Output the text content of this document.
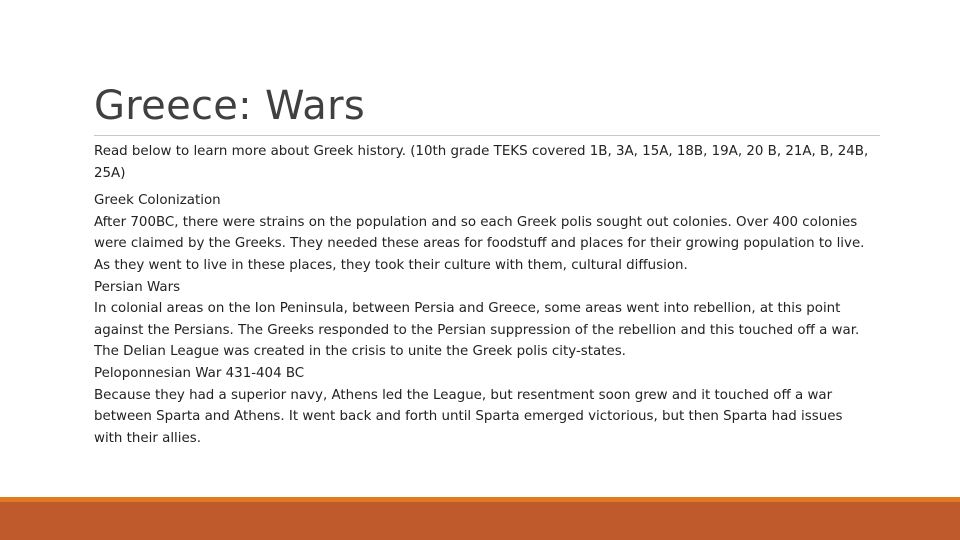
Greece: Wars

Read below to learn more about Greek history. (10th grade TEKS covered 1B, 3A, 15A, 18B, 19A, 20 B, 21A, B, 24B, 25A)

Greek Colonization

After 700BC, there were strains on the population and so each Greek polis sought out colonies. Over 400 colonies were claimed by the Greeks. They needed these areas for foodstuff and places for their growing population to live. As they went to live in these places, they took their culture with them, cultural diffusion.

Persian Wars

In colonial areas on the Ion Peninsula, between Persia and Greece, some areas went into rebellion, at this point against the Persians. The Greeks responded to the Persian suppression of the rebellion and this touched off a war. The Delian League was created in the crisis to unite the Greek polis city-states.

Peloponnesian War 431-404 BC

Because they had a superior navy, Athens led the League, but resentment soon grew and it touched off a war between Sparta and Athens. It went back and forth until Sparta emerged victorious, but then Sparta had issues with their allies.
